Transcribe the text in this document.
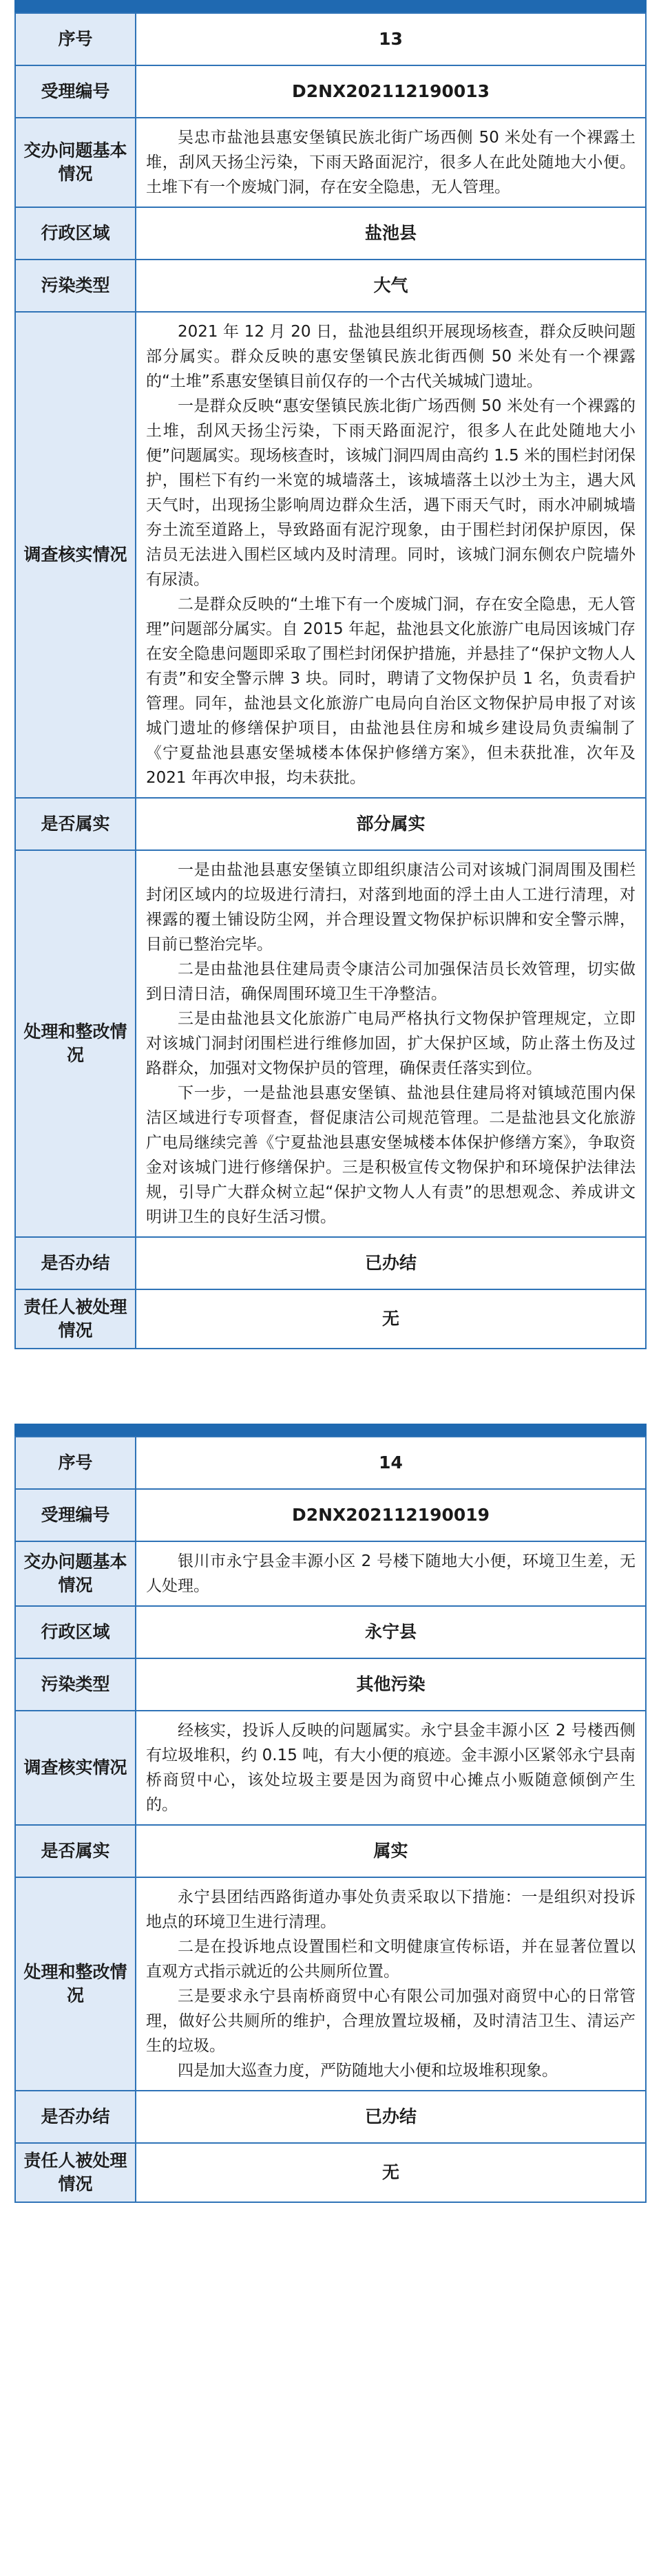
序号	13
受理编号	D2NX202112190013
交办问题基本情况	吴忠市盐池县惠安堡镇民族北街广场西侧 50 米处有一个裸露土堆，刮风天扬尘污染，下雨天路面泥泞，很多人在此处随地大小便。土堆下有一个废城门洞，存在安全隐患，无人管理。

行政区域	盐池县
污染类型	大气
调查核实情况	2021 年 12 月 20 日，盐池县组织开展现场核查，群众反映问题部分属实。群众反映的惠安堡镇民族北街西侧 50 米处有一个裸露的“土堆”系惠安堡镇目前仅存的一个古代关城城门遗址。

一是群众反映“惠安堡镇民族北街广场西侧 50 米处有一个裸露的土堆，刮风天扬尘污染，下雨天路面泥泞，很多人在此处随地大小便”问题属实。现场核查时，该城门洞四周由高约 1.5 米的围栏封闭保护，围栏下有约一米宽的城墙落土，该城墙落土以沙土为主，遇大风天气时，出现扬尘影响周边群众生活，遇下雨天气时，雨水冲刷城墙夯土流至道路上，导致路面有泥泞现象，由于围栏封闭保护原因，保洁员无法进入围栏区域内及时清理。同时，该城门洞东侧农户院墙外有尿渍。

二是群众反映的“土堆下有一个废城门洞，存在安全隐患，无人管理”问题部分属实。自 2015 年起，盐池县文化旅游广电局因该城门存在安全隐患问题即采取了围栏封闭保护措施，并悬挂了“保护文物人人有责”和安全警示牌 3 块。同时，聘请了文物保护员 1 名，负责看护管理。同年，盐池县文化旅游广电局向自治区文物保护局申报了对该城门遗址的修缮保护项目，由盐池县住房和城乡建设局负责编制了《宁夏盐池县惠安堡城楼本体保护修缮方案》，但未获批准，次年及 2021 年再次申报，均未获批。

是否属实	部分属实
处理和整改情况	一是由盐池县惠安堡镇立即组织康洁公司对该城门洞周围及围栏封闭区域内的垃圾进行清扫，对落到地面的浮土由人工进行清理，对裸露的覆土铺设防尘网，并合理设置文物保护标识牌和安全警示牌，目前已整治完毕。

二是由盐池县住建局责令康洁公司加强保洁员长效管理，切实做到日清日洁，确保周围环境卫生干净整洁。

三是由盐池县文化旅游广电局严格执行文物保护管理规定，立即对该城门洞封闭围栏进行维修加固，扩大保护区域，防止落土伤及过路群众，加强对文物保护员的管理，确保责任落实到位。

下一步，一是盐池县惠安堡镇、盐池县住建局将对镇域范围内保洁区域进行专项督查，督促康洁公司规范管理。二是盐池县文化旅游广电局继续完善《宁夏盐池县惠安堡城楼本体保护修缮方案》，争取资金对该城门进行修缮保护。三是积极宣传文物保护和环境保护法律法规，引导广大群众树立起“保护文物人人有责”的思想观念、养成讲文明讲卫生的良好生活习惯。

是否办结	已办结
责任人被处理情况	无
序号	14
受理编号	D2NX202112190019
交办问题基本情况	银川市永宁县金丰源小区 2 号楼下随地大小便，环境卫生差，无人处理。

行政区域	永宁县
污染类型	其他污染
调查核实情况	经核实，投诉人反映的问题属实。永宁县金丰源小区 2 号楼西侧有垃圾堆积，约 0.15 吨，有大小便的痕迹。金丰源小区紧邻永宁县南桥商贸中心，该处垃圾主要是因为商贸中心摊点小贩随意倾倒产生的。

是否属实	属实
处理和整改情况	永宁县团结西路街道办事处负责采取以下措施：一是组织对投诉地点的环境卫生进行清理。

二是在投诉地点设置围栏和文明健康宣传标语，并在显著位置以直观方式指示就近的公共厕所位置。

三是要求永宁县南桥商贸中心有限公司加强对商贸中心的日常管理，做好公共厕所的维护，合理放置垃圾桶，及时清洁卫生、清运产生的垃圾。

四是加大巡查力度，严防随地大小便和垃圾堆积现象。

是否办结	已办结
责任人被处理情况	无
